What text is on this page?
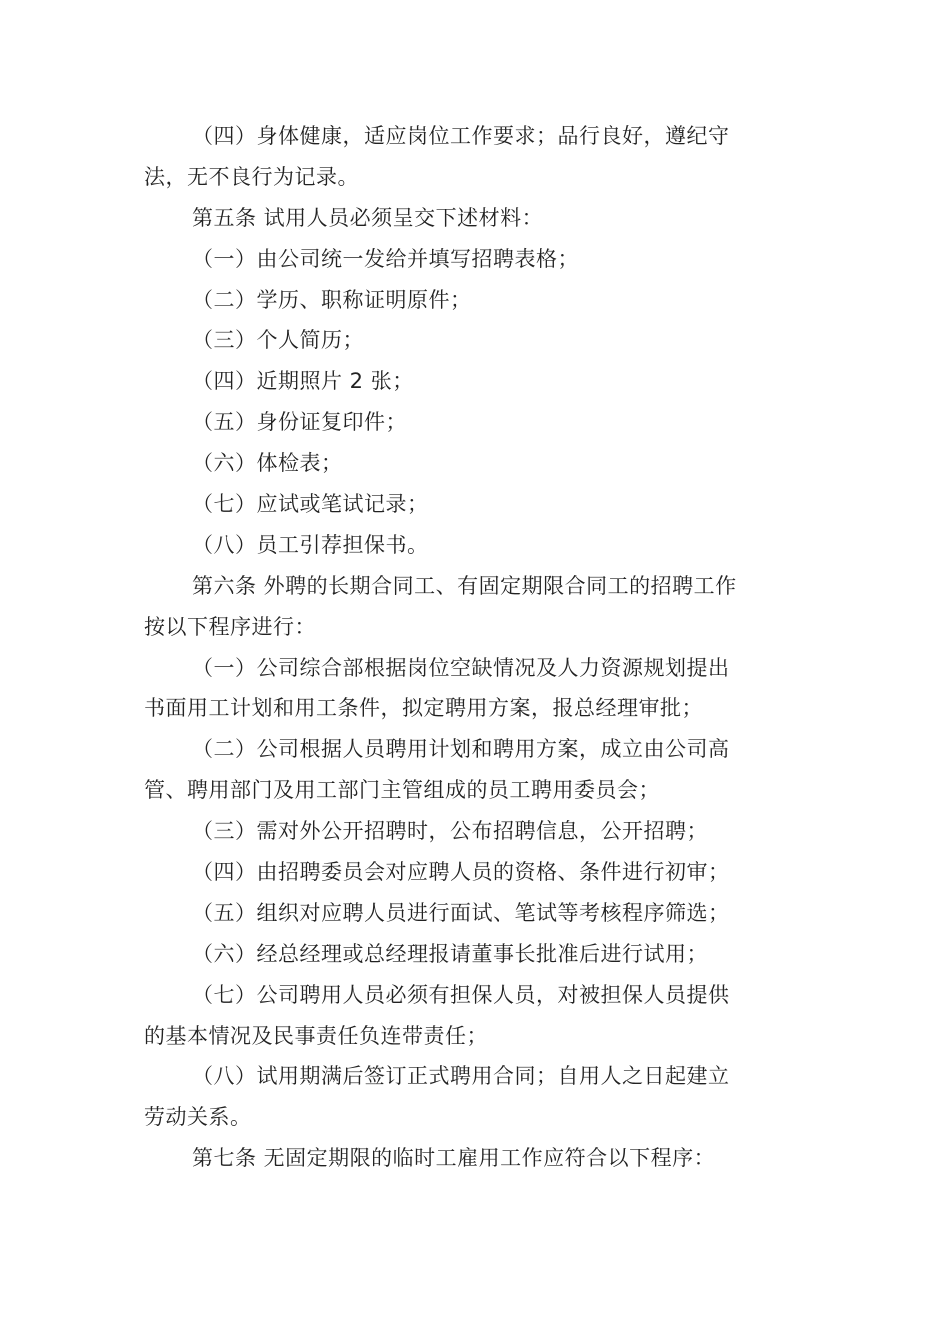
（四）身体健康，适应岗位工作要求；品行良好，遵纪守
法，无不良行为记录。
第五条 试用人员必须呈交下述材料：
（一）由公司统一发给并填写招聘表格；
（二）学历、职称证明原件；
（三）个人简历；
（四）近期照片 2 张；
（五）身份证复印件；
（六）体检表；
（七）应试或笔试记录；
（八）员工引荐担保书。
第六条 外聘的长期合同工、有固定期限合同工的招聘工作
按以下程序进行：
（一）公司综合部根据岗位空缺情况及人力资源规划提出
书面用工计划和用工条件，拟定聘用方案，报总经理审批；
（二）公司根据人员聘用计划和聘用方案，成立由公司高
管、聘用部门及用工部门主管组成的员工聘用委员会；
（三）需对外公开招聘时，公布招聘信息，公开招聘；
（四）由招聘委员会对应聘人员的资格、条件进行初审；
（五）组织对应聘人员进行面试、笔试等考核程序筛选；
（六）经总经理或总经理报请董事长批准后进行试用；
（七）公司聘用人员必须有担保人员，对被担保人员提供
的基本情况及民事责任负连带责任；
（八）试用期满后签订正式聘用合同；自用人之日起建立
劳动关系。
第七条 无固定期限的临时工雇用工作应符合以下程序：
